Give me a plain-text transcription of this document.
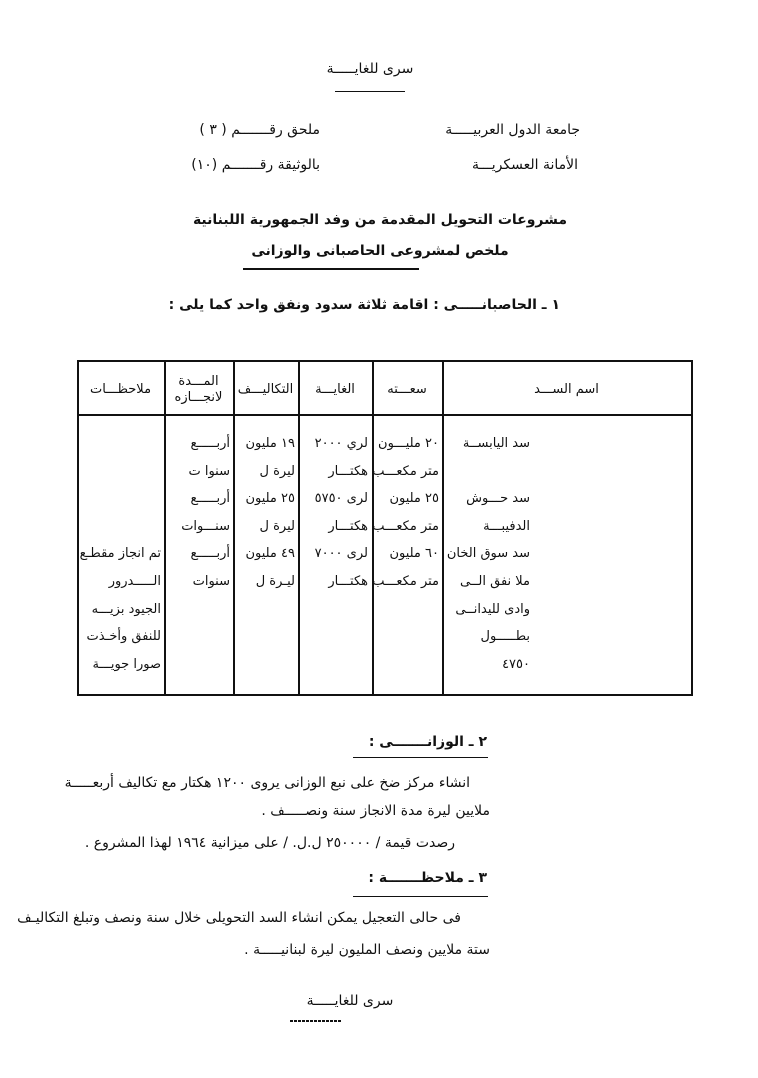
سرى للغايـــــة
جامعة الدول العربيـــــة
الأمانة العسكريـــة
ملحق رقـــــــم ( ٣ )
بالوثيقة رقـــــــم (١٠)
مشروعات التحويل المقدمة من وفد الجمهورية اللبنانية
ملخص لمشروعى الحاصبانى والوزانى
١ ـ الحاصبانـــــى : اقامة ثلاثة سدود ونفق واحد كما يلى :
اسم الســـد
سعـــته
الغايـــة
التكاليـــف
المـــدة لانجـــازه
ملاحظـــات
سد اليابســة
سد حـــوش
الدفيبـــة
سد سوق الخان
ملا نفق الــى
وادى لليدانــى
بطـــــول
٤٧٥٠
٢٠ مليـــون
متر مكعـــب
٢٥ مليون
متر مكعـــب
٦٠ مليون
متر مكعـــب
لري ٢٠٠٠
هكتـــار
لرى ٥٧٥٠
هكتـــار
لرى ٧٠٠٠
هكتـــار
١٩ مليون
ليرة ل
٢٥ مليون
ليرة ل
٤٩ مليون
ليـرة ل
أربـــــع
سنوا ت
أربـــــع
سنـــوات
أربـــــع
سنوات
تم انجاز مقطـع
الـــــدرور
الجيود بزيـــه
للنفق وأخـذت
صورا جويـــة
٢ ـ الوزانـــــــى :
انشاء مركز ضخ على نبع الوزانى يروى ١٢٠٠ هكتار مع تكاليف أربعـــــة
ملايين ليرة مدة الانجاز سنة ونصـــــف .
رصدت قيمة / ٢٥٠٠٠٠ ل.ل. / على ميزانية ١٩٦٤ لهذا المشروع .
٣ ـ ملاحظـــــــة :
فى حالى التعجيل يمكن انشاء السد التحويلى خلال سنة ونصف وتبلغ التكاليـف
ستة ملايين ونصف المليون ليرة لبنانيـــــة .
سرى للغايـــــة
